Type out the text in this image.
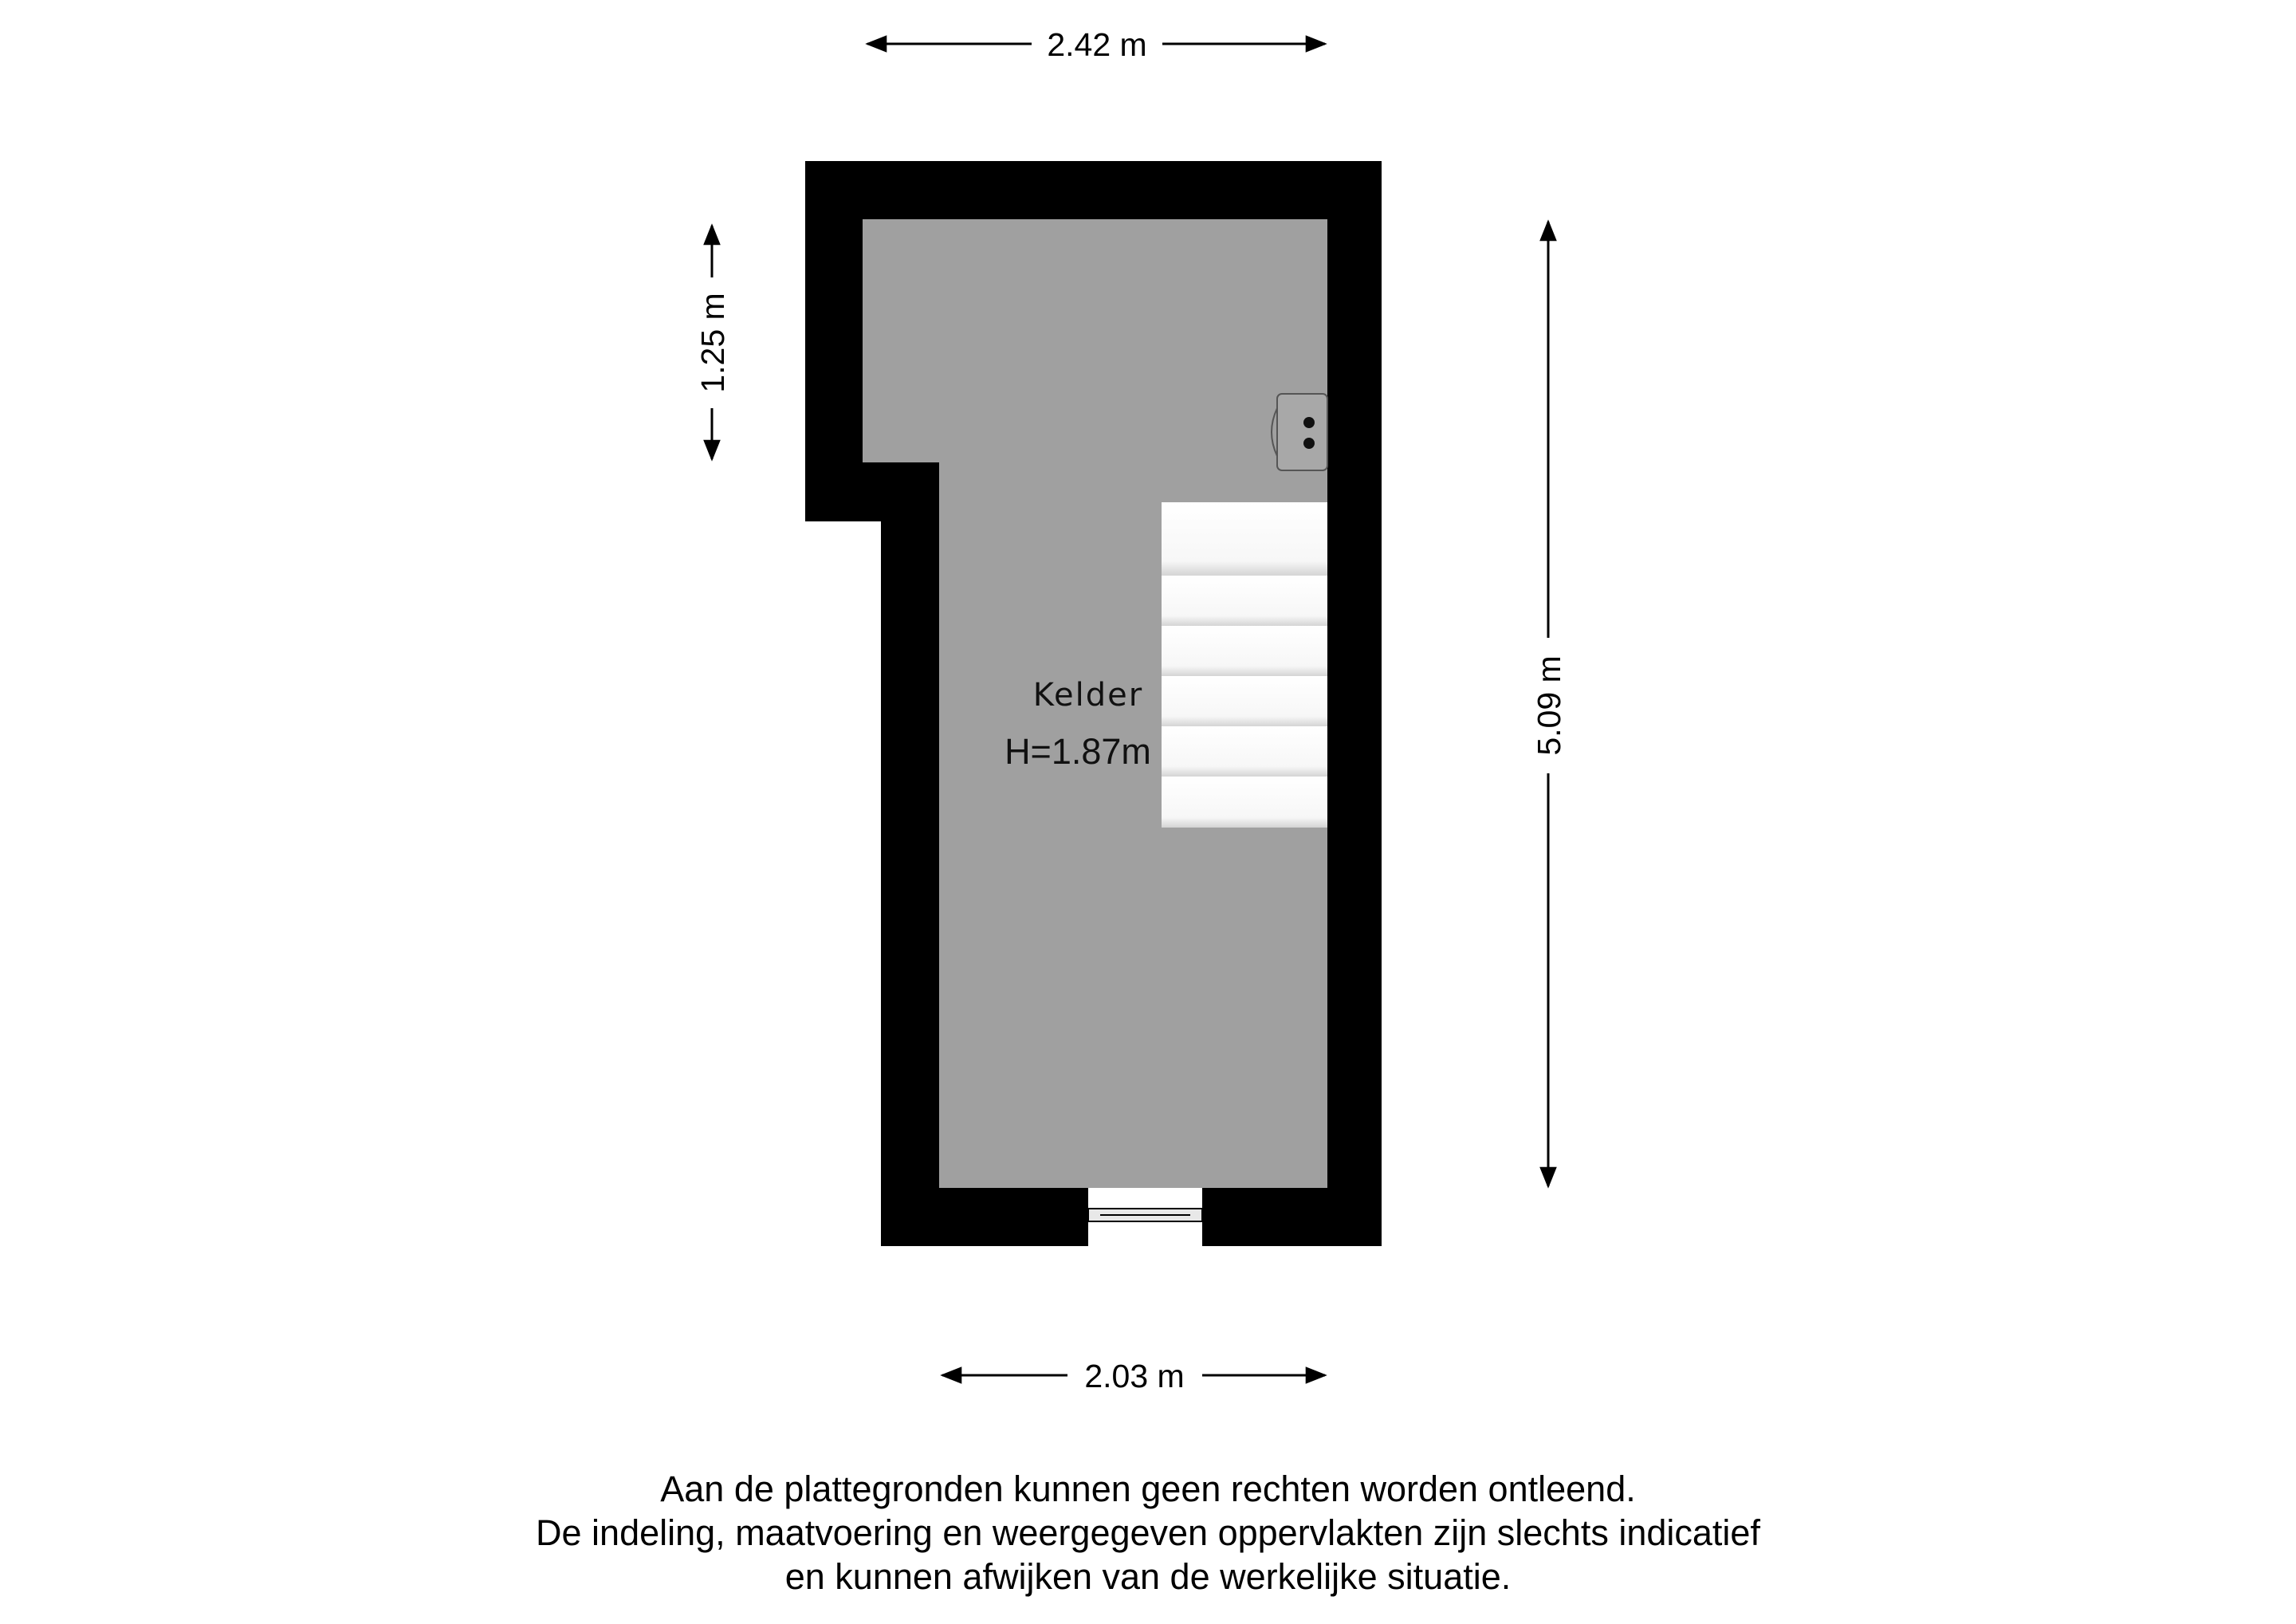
Kelder
H=1.87m
2.42 m
2.03 m
1.25 m
5.09 m
Aan de plattegronden kunnen geen rechten worden ontleend.
De indeling, maatvoering en weergegeven oppervlakten zijn slechts indicatief
en kunnen afwijken van de werkelijke situatie.
